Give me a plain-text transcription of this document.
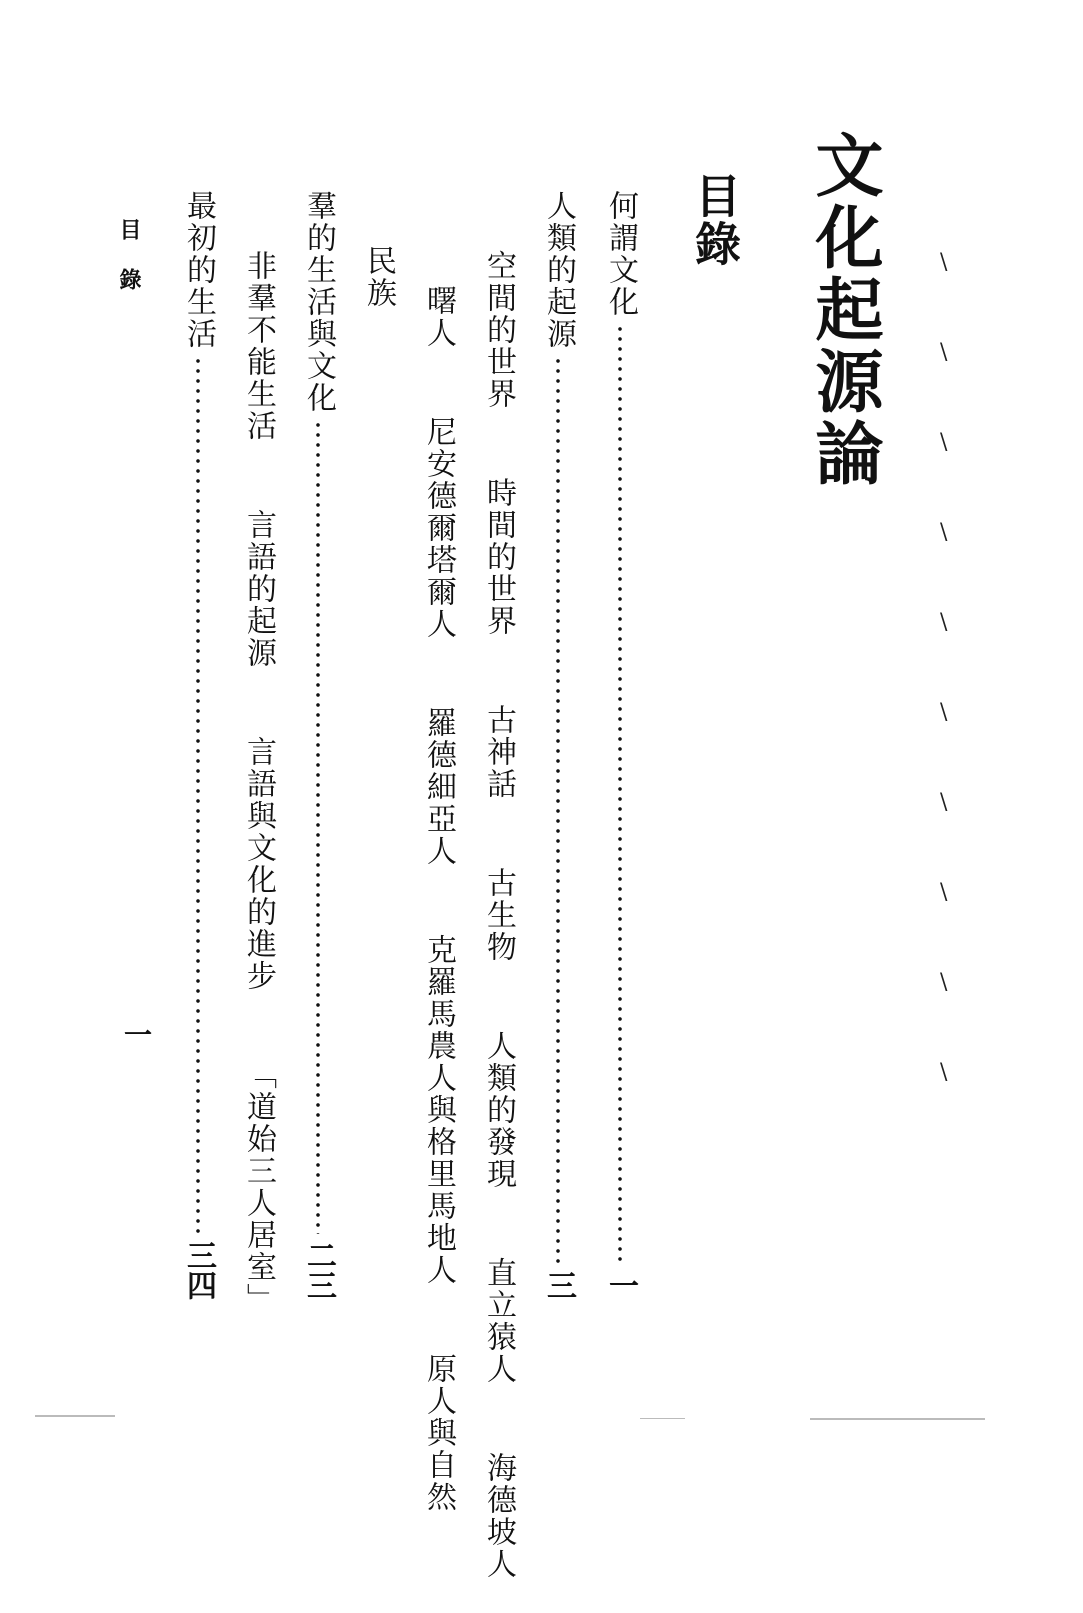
文化起源論
目錄
何謂文化
一
人類的起源
三
羣的生活與文化
二三
最初的生活
三四
空間的世界 時間的世界 古神話 古生物 人類的發現 直立猿人 海德坡人
曙人 尼安德爾塔爾人 羅德細亞人 克羅馬農人與格里馬地人 原人與自然
民族
非羣不能生活 言語的起源 言語與文化的進步 「道始三人居室」
目錄
一
\
\
\
\
\
\
\
\
\
\
